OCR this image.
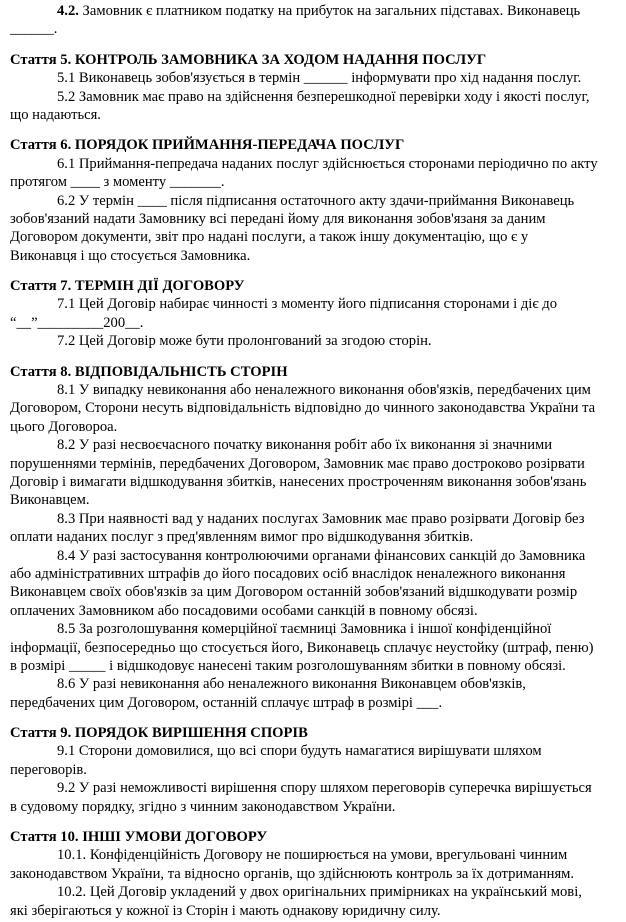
4.2. Замовник є платником податку на прибуток на загальних підставах. Виконавець
______.
Стаття 5. КОНТРОЛЬ ЗАМОВНИКА ЗА ХОДОМ НАДАННЯ ПОСЛУГ
5.1 Виконавець зобов'язується в термін ______ інформувати про хід надання послуг.
5.2 Замовник має право на здійснення безперешкодної перевірки ходу і якості послуг,
що надаються.
Стаття 6. ПОРЯДОК ПРИЙМАННЯ-ПЕРЕДАЧА ПОСЛУГ
6.1 Приймання-пепредача наданих послуг здійснюється сторонами періодично по акту
протягом ____ з моменту _______.
6.2 У термін ____ після підписання остаточного акту здачи-приймання Виконавець
зобов'язаний надати Замовнику всі передані йому для виконання зобов'язаня за даним
Договором документи, звіт про надані послуги, а також іншу документацію, що є у
Виконавця і що стосується Замовника.
Стаття 7. ТЕРМІН ДІЇ ДОГОВОРУ
7.1 Цей Договір набирає чинності з моменту його підписання сторонами і діє до
“__”_________200__.
7.2 Цей Договір може бути пролонгований за згодою сторін.
Стаття 8. ВІДПОВІДАЛЬНІСТЬ СТОРІН
8.1 У випадку невиконання або неналежного виконання обов'язків, передбачених цим
Договором, Сторони несуть відповідальність відповідно до чинного законодавства України та
цього Договороа.
8.2 У разі несвоєчасного початку виконання робіт або їх виконання зі значними
порушеннями термінів, передбачених Договором, Замовник має право достроково розірвати
Договір і вимагати відшкодування збитків, нанесених простроченням виконання зобов'язань
Виконавцем.
8.3 При наявності вад у наданих послугах Замовник має право розірвати Договір без
оплати наданих послуг з пред'явленням вимог про відшкодування збитків.
8.4 У разі застосування контролюючими органами фінансових санкцій до Замовника
або адміністративних штрафів до його посадових осіб внаслідок неналежного виконання
Виконавцем своїх обов'язків за цим Договором останній зобов'язаний відшкодувати розмір
оплачених Замовником або посадовими особами санкцій в повному обсязі.
8.5 За розголошування комерційної таємниці Замовника і іншої конфіденційної
інформації, безпосередньо що стосується його, Виконавець сплачує неустойку (штраф, пеню)
в розмірі _____ і відшкодовує нанесені таким розголошуванням збитки в повному обсязі.
8.6 У разі невиконання або неналежного виконання Виконавцем обов'язків,
передбачених цим Договором, останній сплачує штраф в розмірі ___.
Стаття 9. ПОРЯДОК ВИРІШЕННЯ СПОРІВ
9.1 Сторони домовилися, що всі спори будуть намагатися вирішувати шляхом
переговорів.
9.2 У разі неможливості вирішення спору шляхом переговорів суперечка вирішується
в судовому порядку, згідно з чинним законодавством України.
Стаття 10. ІНШІ УМОВИ ДОГОВОРУ
10.1. Конфіденційність Договору не поширюється на умови, врегульовані чинним
законодавством України, та відносно органів, що здійснюють контроль за їх дотриманням.
10.2. Цей Договір укладений у двох оригінальних примірниках на український мові,
які зберігаються у кожної із Сторін і мають однакову юридичну силу.
